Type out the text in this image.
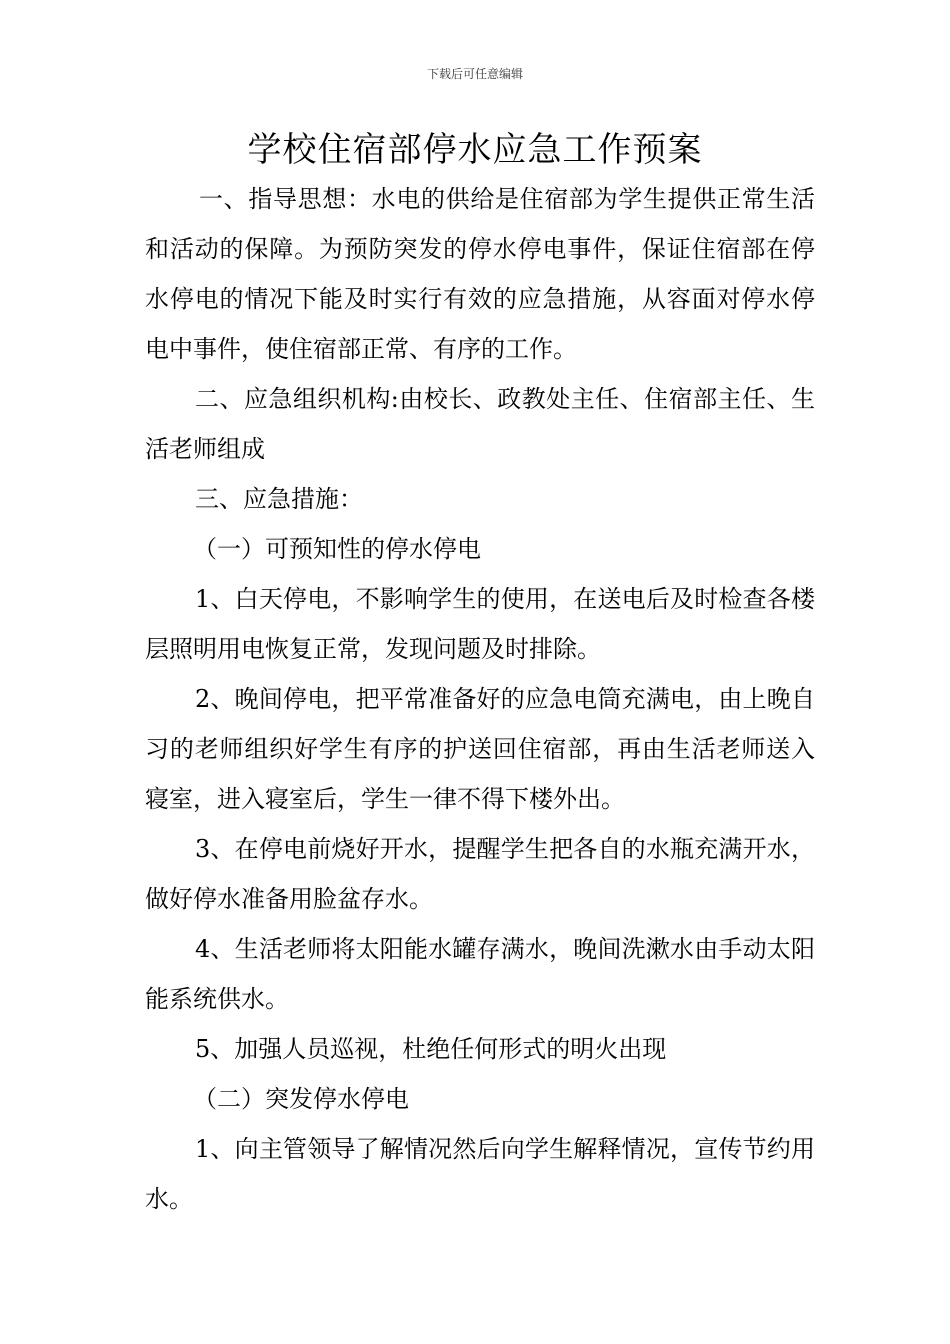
下载后可任意编辑
学校住宿部停水应急工作预案

一、指导思想：水电的供给是住宿部为学生提供正常生活和活动的保障。为预防突发的停水停电事件，保证住宿部在停水停电的情况下能及时实行有效的应急措施，从容面对停水停电中事件，使住宿部正常、有序的工作。

二、应急组织机构:由校长、政教处主任、住宿部主任、生活老师组成

三、应急措施：

（一）可预知性的停水停电

1、白天停电，不影响学生的使用，在送电后及时检查各楼层照明用电恢复正常，发现问题及时排除。

2、晚间停电，把平常准备好的应急电筒充满电，由上晚自习的老师组织好学生有序的护送回住宿部，再由生活老师送入寝室，进入寝室后，学生一律不得下楼外出。

3、在停电前烧好开水，提醒学生把各自的水瓶充满开水，做好停水准备用脸盆存水。

4、生活老师将太阳能水罐存满水，晚间洗漱水由手动太阳能系统供水。

5、加强人员巡视，杜绝任何形式的明火出现

（二）突发停水停电

1、向主管领导了解情况然后向学生解释情况，宣传节约用水。
